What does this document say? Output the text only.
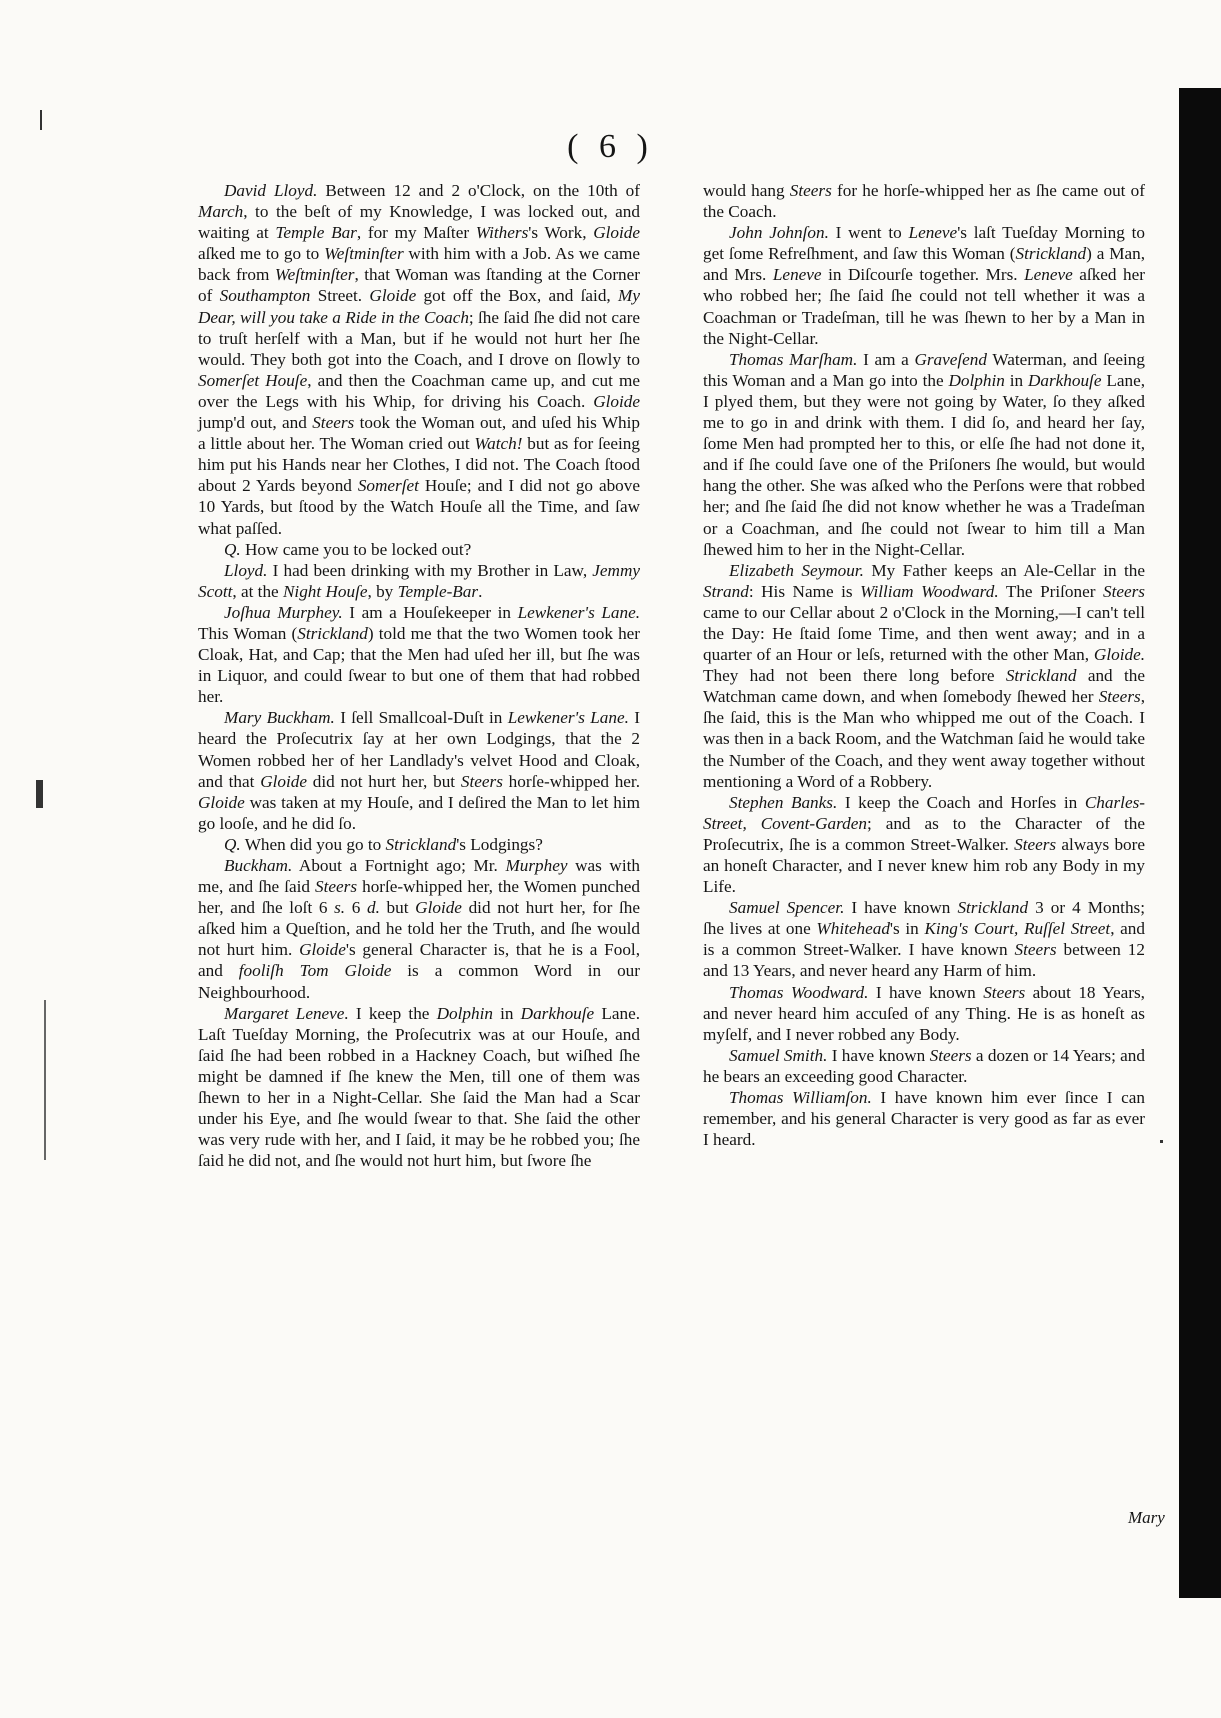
( 6 )

David Lloyd. Between 12 and 2 o'Clock, on the 10th of March, to the beſt of my Knowledge, I was locked out, and waiting at Temple Bar, for my Maſter Withers's Work, Gloide aſked me to go to Weſtminſter with him with a Job. As we came back from Weſtminſter, that Woman was ſtanding at the Corner of Southampton Street. Gloide got off the Box, and ſaid, My Dear, will you take a Ride in the Coach; ſhe ſaid ſhe did not care to truſt herſelf with a Man, but if he would not hurt her ſhe would. They both got into the Coach, and I drove on ſlowly to Somerſet Houſe, and then the Coachman came up, and cut me over the Legs with his Whip, for driving his Coach. Gloide jump'd out, and Steers took the Woman out, and uſed his Whip a little about her. The Woman cried out Watch! but as for ſeeing him put his Hands near her Clothes, I did not. The Coach ſtood about 2 Yards beyond Somerſet Houſe; and I did not go above 10 Yards, but ſtood by the Watch Houſe all the Time, and ſaw what paſſed.

Q. How came you to be locked out?

Lloyd. I had been drinking with my Brother in Law, Jemmy Scott, at the Night Houſe, by Temple-Bar.

Joſhua Murphey. I am a Houſekeeper in Lewkener's Lane. This Woman (Strickland) told me that the two Women took her Cloak, Hat, and Cap; that the Men had uſed her ill, but ſhe was in Liquor, and could ſwear to but one of them that had robbed her.

Mary Buckham. I ſell Smallcoal-Duſt in Lewkener's Lane. I heard the Proſecutrix ſay at her own Lodgings, that the 2 Women robbed her of her Landlady's velvet Hood and Cloak, and that Gloide did not hurt her, but Steers horſe-whipped her. Gloide was taken at my Houſe, and I deſired the Man to let him go looſe, and he did ſo.

Q. When did you go to Strickland's Lodgings?

Buckham. About a Fortnight ago; Mr. Murphey was with me, and ſhe ſaid Steers horſe-whipped her, the Women punched her, and ſhe loſt 6 s. 6 d. but Gloide did not hurt her, for ſhe aſked him a Queſtion, and he told her the Truth, and ſhe would not hurt him. Gloide's general Character is, that he is a Fool, and fooliſh Tom Gloide is a common Word in our Neighbourhood.

Margaret Leneve. I keep the Dolphin in Darkhouſe Lane. Laſt Tueſday Morning, the Proſecutrix was at our Houſe, and ſaid ſhe had been robbed in a Hackney Coach, but wiſhed ſhe might be damned if ſhe knew the Men, till one of them was ſhewn to her in a Night-Cellar. She ſaid the Man had a Scar under his Eye, and ſhe would ſwear to that. She ſaid the other was very rude with her, and I ſaid, it may be he robbed you; ſhe ſaid he did not, and ſhe would not hurt him, but ſwore ſhe

would hang Steers for he horſe-whipped her as ſhe came out of the Coach.

John Johnſon. I went to Leneve's laſt Tueſday Morning to get ſome Refreſhment, and ſaw this Woman (Strickland) a Man, and Mrs. Leneve in Diſcourſe together. Mrs. Leneve aſked her who robbed her; ſhe ſaid ſhe could not tell whether it was a Coachman or Tradeſman, till he was ſhewn to her by a Man in the Night-Cellar.

Thomas Marſham. I am a Graveſend Waterman, and ſeeing this Woman and a Man go into the Dolphin in Darkhouſe Lane, I plyed them, but they were not going by Water, ſo they aſked me to go in and drink with them. I did ſo, and heard her ſay, ſome Men had prompted her to this, or elſe ſhe had not done it, and if ſhe could ſave one of the Priſoners ſhe would, but would hang the other. She was aſked who the Perſons were that robbed her; and ſhe ſaid ſhe did not know whether he was a Tradeſman or a Coachman, and ſhe could not ſwear to him till a Man ſhewed him to her in the Night-Cellar.

Elizabeth Seymour. My Father keeps an Ale-Cellar in the Strand: His Name is William Woodward. The Priſoner Steers came to our Cellar about 2 o'Clock in the Morning,—I can't tell the Day: He ſtaid ſome Time, and then went away; and in a quarter of an Hour or leſs, returned with the other Man, Gloide. They had not been there long before Strickland and the Watchman came down, and when ſomebody ſhewed her Steers, ſhe ſaid, this is the Man who whipped me out of the Coach. I was then in a back Room, and the Watchman ſaid he would take the Number of the Coach, and they went away together without mentioning a Word of a Robbery.

Stephen Banks. I keep the Coach and Horſes in Charles-Street, Covent-Garden; and as to the Character of the Proſecutrix, ſhe is a common Street-Walker. Steers always bore an honeſt Character, and I never knew him rob any Body in my Life.

Samuel Spencer. I have known Strickland 3 or 4 Months; ſhe lives at one Whitehead's in King's Court, Ruſſel Street, and is a common Street-Walker. I have known Steers between 12 and 13 Years, and never heard any Harm of him.

Thomas Woodward. I have known Steers about 18 Years, and never heard him accuſed of any Thing. He is as honeſt as myſelf, and I never robbed any Body.

Samuel Smith. I have known Steers a dozen or 14 Years; and he bears an exceeding good Character.

Thomas Williamſon. I have known him ever ſince I can remember, and his general Character is very good as far as ever I heard.

Mary
